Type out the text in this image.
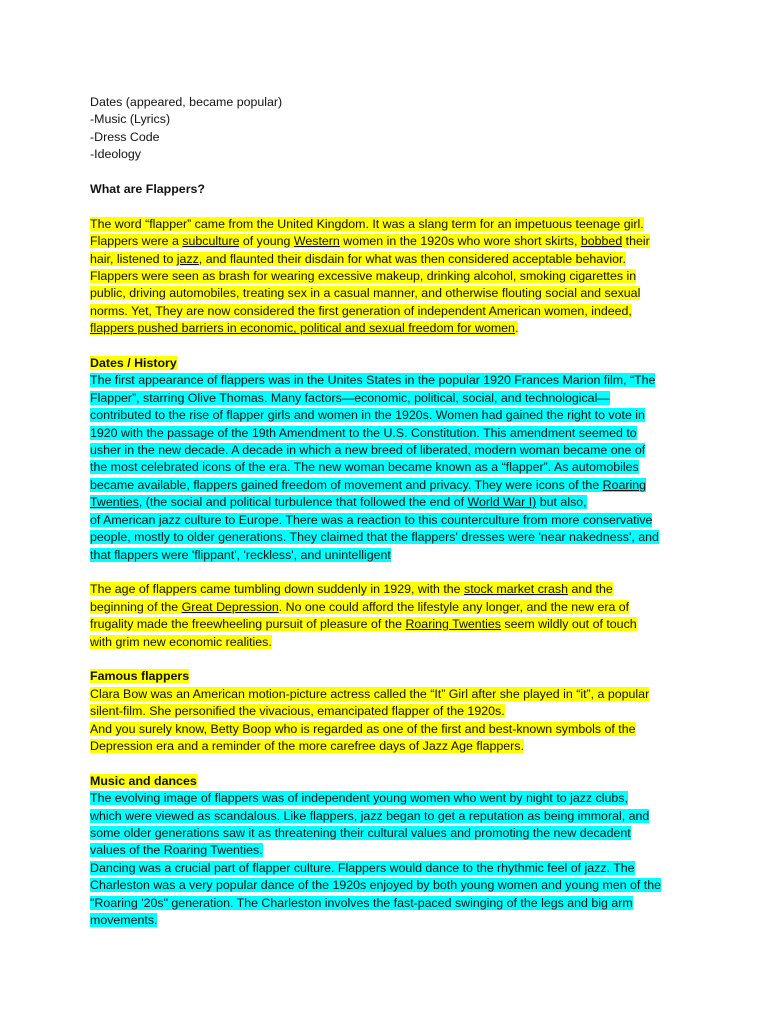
Dates (appeared, became popular)
-Music (Lyrics)
-Dress Code
-Ideology
What are Flappers?
The word “flapper” came from the United Kingdom. It was a slang term for an impetuous teenage girl.
Flappers were a subculture of young Western women in the 1920s who wore short skirts, bobbed their
hair, listened to jazz, and flaunted their disdain for what was then considered acceptable behavior.
Flappers were seen as brash for wearing excessive makeup, drinking alcohol, smoking cigarettes in
public, driving automobiles, treating sex in a casual manner, and otherwise flouting social and sexual
norms. Yet, They are now considered the first generation of independent American women, indeed,
flappers pushed barriers in economic, political and sexual freedom for women.
Dates / History
The first appearance of flappers was in the Unites States in the popular 1920 Frances Marion film, “The
Flapper”, starring Olive Thomas. Many factors—economic, political, social, and technological—
contributed to the rise of flapper girls and women in the 1920s. Women had gained the right to vote in
1920 with the passage of the 19th Amendment to the U.S. Constitution. This amendment seemed to
usher in the new decade. A decade in which a new breed of liberated, modern woman became one of
the most celebrated icons of the era. The new woman became known as a “flapper”. As automobiles
became available, flappers gained freedom of movement and privacy. They were icons of the Roaring
Twenties, (the social and political turbulence that followed the end of World War I) but also,
of American jazz culture to Europe. There was a reaction to this counterculture from more conservative
people, mostly to older generations. They claimed that the flappers' dresses were 'near nakedness', and
that flappers were 'flippant', 'reckless', and unintelligent
The age of flappers came tumbling down suddenly in 1929, with the stock market crash and the
beginning of the Great Depression. No one could afford the lifestyle any longer, and the new era of
frugality made the freewheeling pursuit of pleasure of the Roaring Twenties seem wildly out of touch
with grim new economic realities.
Famous flappers
Clara Bow was an American motion-picture actress called the “It” Girl after she played in “it”, a popular
silent-film. She personified the vivacious, emancipated flapper of the 1920s.
And you surely know, Betty Boop who is regarded as one of the first and best-known symbols of the
Depression era and a reminder of the more carefree days of Jazz Age flappers.
Music and dances
The evolving image of flappers was of independent young women who went by night to jazz clubs,
which were viewed as scandalous. Like flappers, jazz began to get a reputation as being immoral, and
some older generations saw it as threatening their cultural values and promoting the new decadent
values of the Roaring Twenties.
Dancing was a crucial part of flapper culture. Flappers would dance to the rhythmic feel of jazz. The
Charleston was a very popular dance of the 1920s enjoyed by both young women and young men of the
"Roaring '20s" generation. The Charleston involves the fast-paced swinging of the legs and big arm
movements.
